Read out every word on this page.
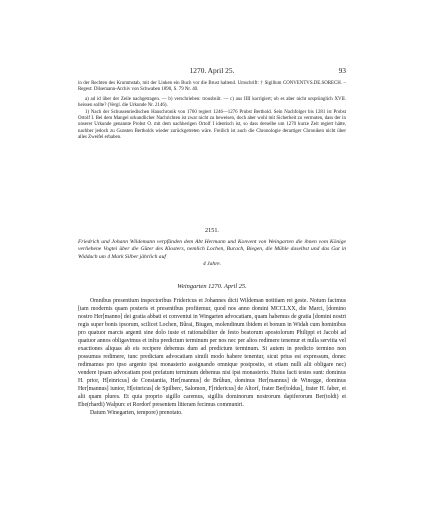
1270. April 25.	93

in der Rechten des Krummstab, mit der Linken ein Buch vor die Brust haltend. Umschrift: † Sigillum CONVENTVS.DE.SORECH. – Regest: Dilsemann-Archiv von Schwaben 1890, S. 79 Nr. 40.

a) ad id über der Zeile nachgetragen. — b) verschrieben: trousbsiit. — c) aus IIII korrigiert; ob es aber nicht ursprünglich XVII. heissen sollte? (Vergl. die Urkunde Nr. 2146).

1) Nach der Schussenriedischen Hauschronik von 1760 regiert 1246—1276 Probst Berthold. Sein Nachfolger bis 1281 ist Probst Ortolf I. Bei dem Mangel urkundlicher Nachrichten ist zwar nicht zu beweisen, doch aber wohl mit Sicherheit zu vermuten, dass der in unserer Urkunde genannte Probst O. mit dem nachherigen Ortolf I identisch ist, so dass derselbe um 1270 kurze Zeit regiert hätte, nachher jedoch zu Gunsten Bertholds wieder zurückgetreten wäre. Freilich ist auch die Chronologie derartiger Chroniken nicht über alles Zweifel erhaben.

2151.
Friedrich und Johann Wildemann verpfänden dem Abt Hermann und Konvent von Weingarten die ihnen vom Könige verliehene Vogtei über die Güter des Klosters, nemlich Lochen, Burach, Biegen, die Mühle daselbst und das Gut in Widdach um 4 Mark Silber jährlich auf
4 Jahre.
Weingarten 1270. April 25.

Omnibus presentium inspectoribus Fridericus et Johannes dicti Wildeman notitiam rei geste. Notum facimus [tam modernis quam posteris et presentibus profitemur, quod nos anno domini MCCLXX, die Marci, [domino nostro Her[manno] dei gratia abbati et conventui in Wingarten advocatiam, quam habemus de gratia [domini nostri regis super bonis ipsorum, scilicet Lochen, Bûrai, Biugen, molendinum ibidem et bonum in Widah cum hominibus pro quatuor marcis argenti sine dolo iuste et rationabiliter de festo beatorum apostolorum Philippi et Jacobi ad quatuor annos obligavimus et infra predictum terminum per nos nec per alios redimere tenemur et nulla servitia vel exactiones aliquas ab eis recipere debemus dum ad predictum terminum. Si autem in predicto termino non possumus redimere, tunc predictam advocatiam simili modo habere tenentur, sicut prius est expressum, donec redimamus pro ipso argento ipsi monasterio assignando omnique postposito, et etiam nulli alii obligare nec) vendere ipsam advocatiam post prefatum terminum debemus nisi ipsi monasterio. Huius facti testes sunt: dominus H. prior, H[einricus] de Constantia, Her[mannus] de Brûhun, dominus Her[mannus] de Winegge, dominus Her[mannus] iunior, H[einricus] de Spilberc, Salomon, F[ridericus] de Altorf, frater Ber[toldus], frater H. faber, et alii quam plures. Et quia proprio sigillo caremus, sigillis dominorum nostrorum dapiferorum Ber(toldi) et Ebe(rhardi) Walpurc et Rordorf presentem litteram fecimus communiri.

Datum Winegarten, tempore) prenotato.
